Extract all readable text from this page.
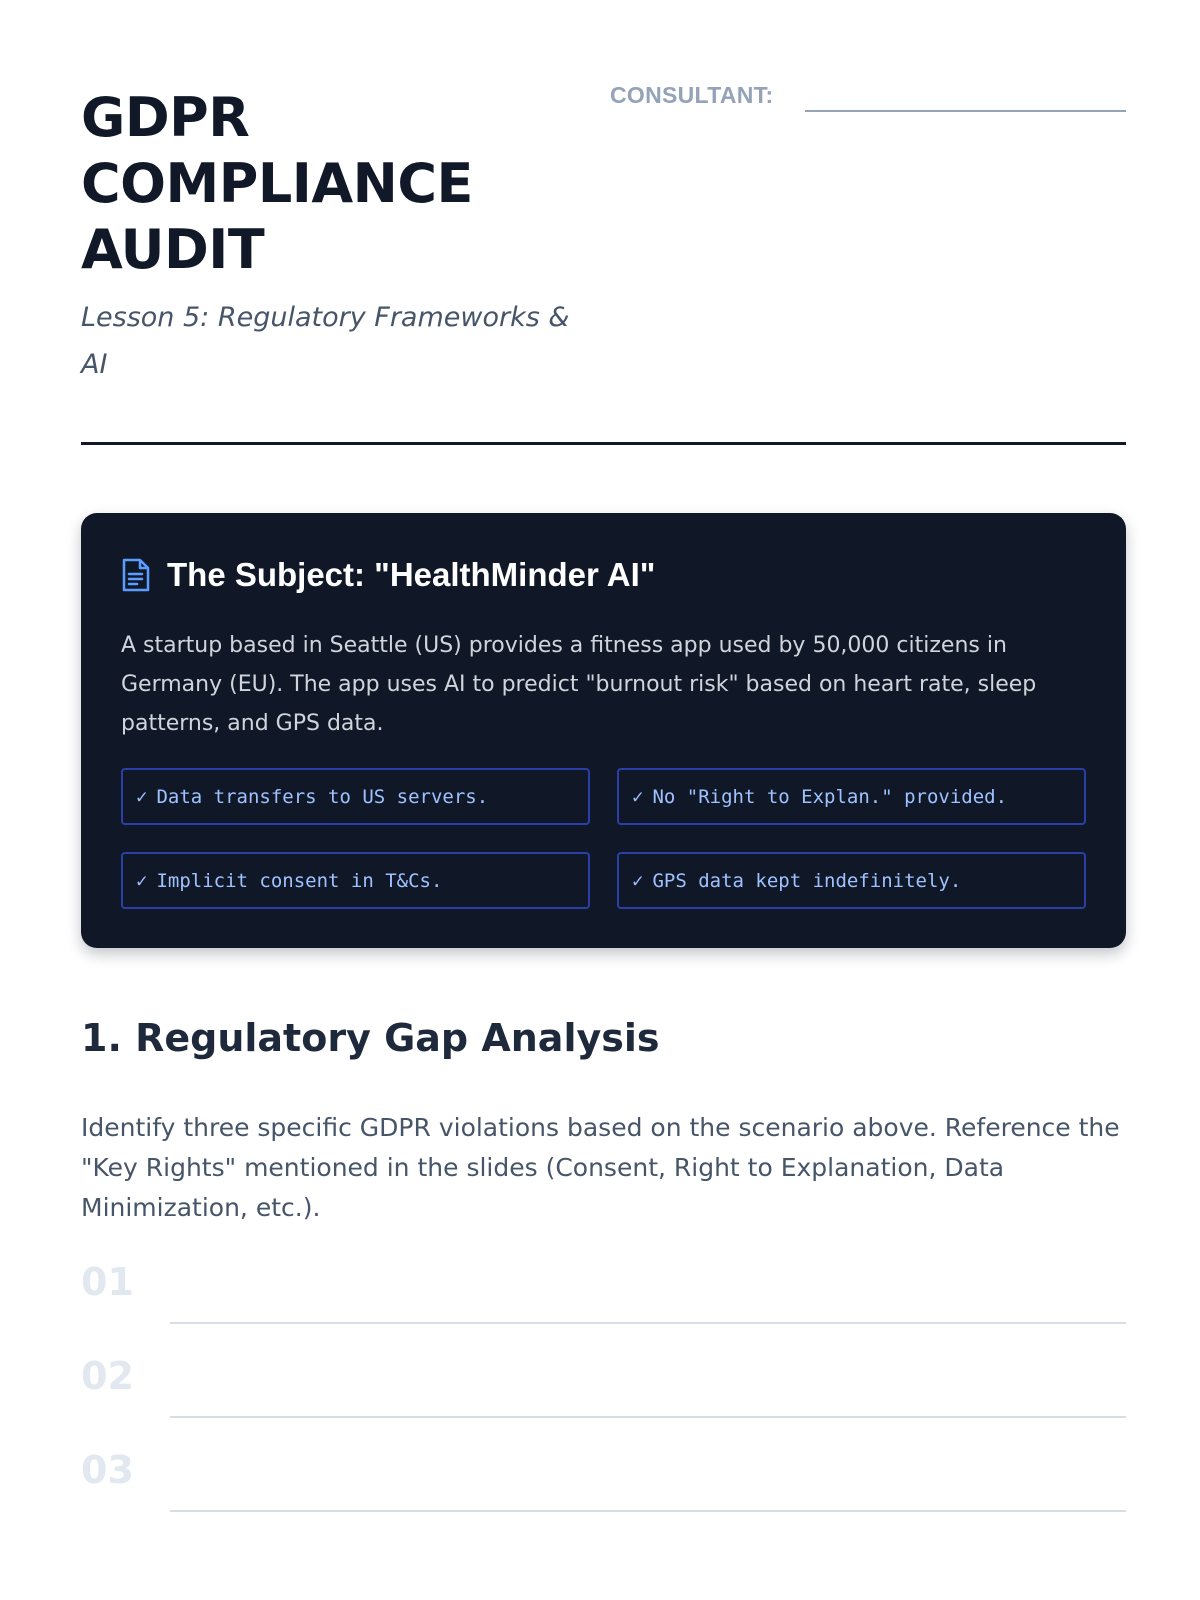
GDPR
COMPLIANCE
AUDIT

Lesson 5: Regulatory Frameworks & AI

CONSULTANT:
The Subject: "HealthMinder AI"

A startup based in Seattle (US) provides a fitness app used by 50,000 citizens in Germany (EU). The app uses AI to predict "burnout risk" based on heart rate, sleep patterns, and GPS data.

✓ Data transfers to US servers.	✓ No "Right to Explan." provided.
✓ Implicit consent in T&Cs.	✓ GPS data kept indefinitely.
1. Regulatory Gap Analysis

Identify three specific GDPR violations based on the scenario above. Reference the "Key Rights" mentioned in the slides (Consent, Right to Explanation, Data Minimization, etc.).

01
02
03
